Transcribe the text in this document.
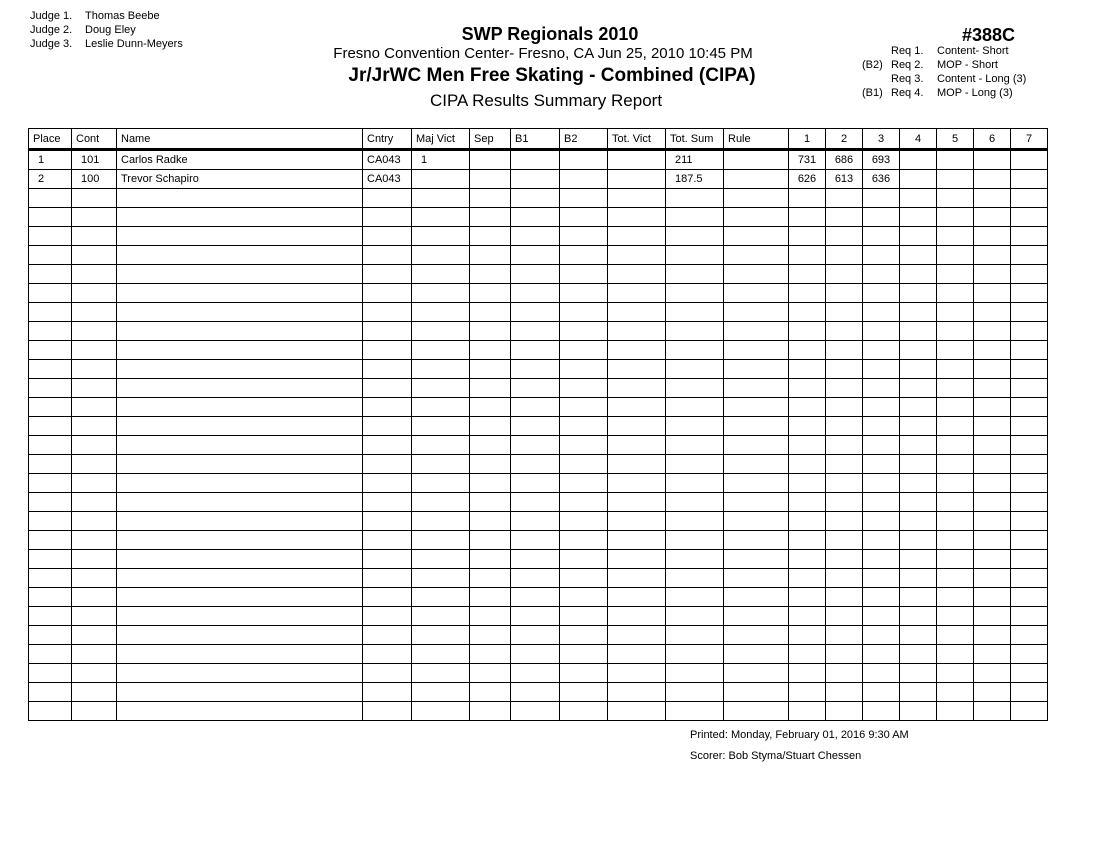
Judge 1. Thomas Beebe
Judge 2. Doug Eley
Judge 3. Leslie Dunn-Meyers	SWP Regionals 2010
Fresno Convention Center- Fresno, CA Jun 25, 2010 10:45 PM
Jr/JrWC Men Free Skating - Combined (CIPA)
CIPA Results Summary Report
#388C
Req 1. Content- Short
(B2) Req 2. MOP - Short
Req 3. Content - Long (3)
(B1) Req 4. MOP - Long (3)
Place	Cont	Name	Cntry	Maj Vict	Sep	B1	B2	Tot. Vict	Tot. Sum	Rule	1	2	3	4	5	6	7
1	101	Carlos Radke	CA043	1					211		731	686	693				
2	100	Trevor Schapiro	CA043						187.5		626	613	636				

Printed: Monday, February 01, 2016 9:30 AM
Scorer: Bob Styma/Stuart Chessen
